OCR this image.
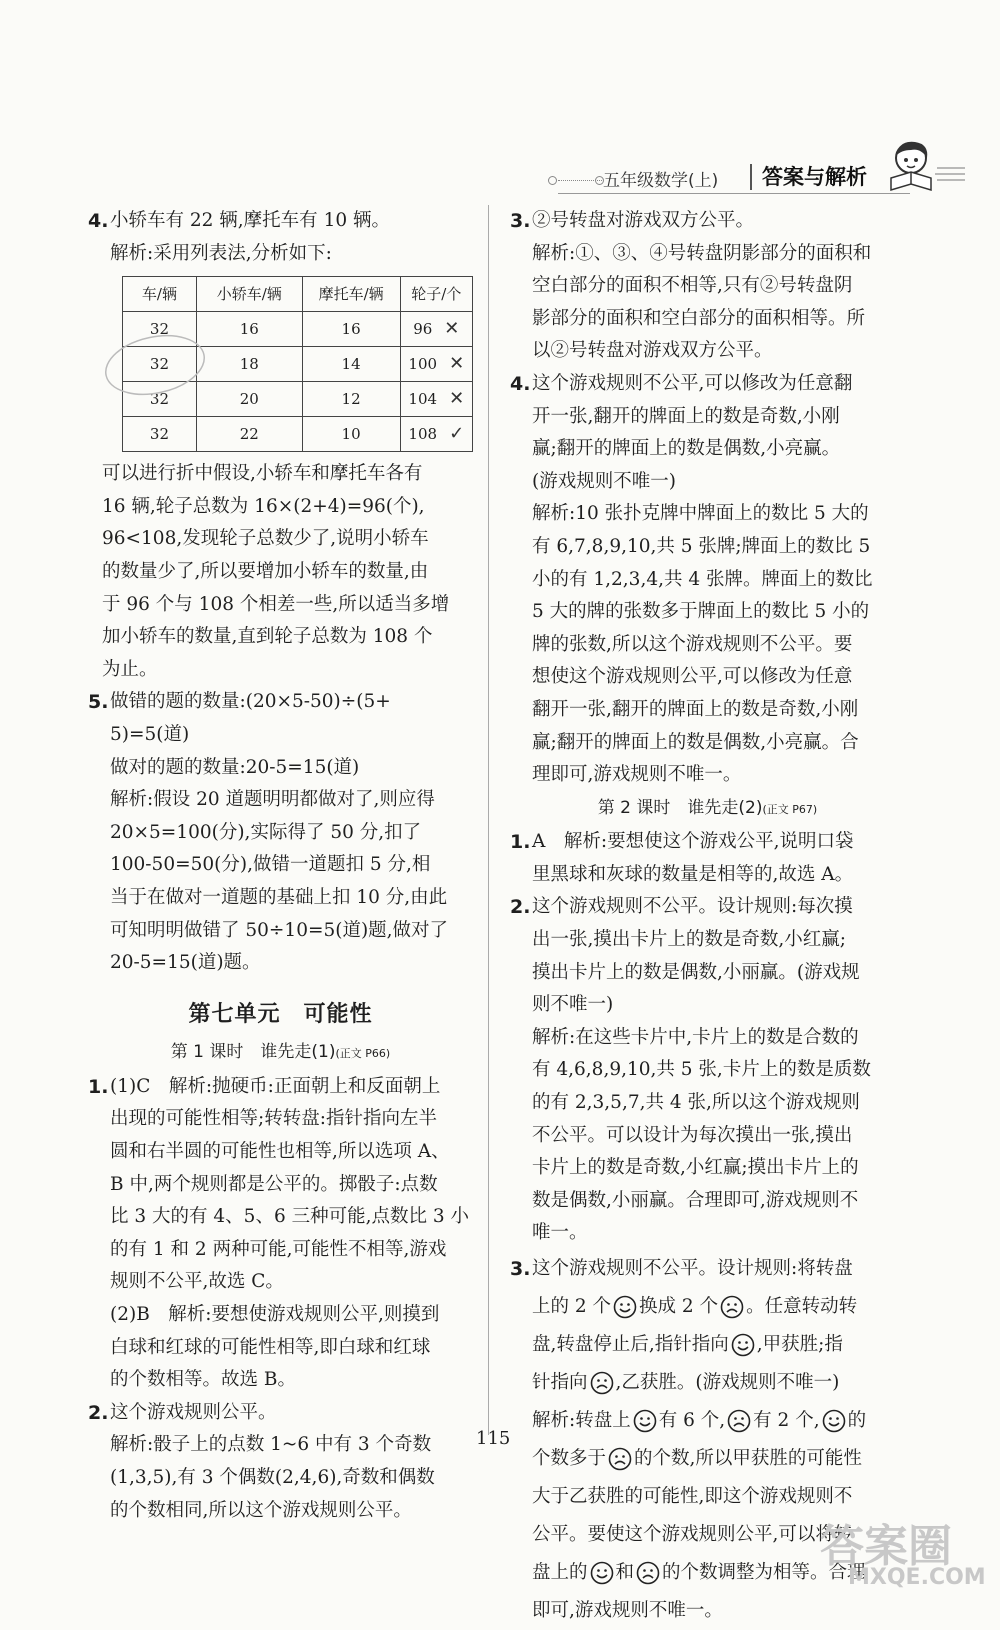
五年级数学(上) 答案与解析
4. 小轿车有 22 辆,摩托车有 10 辆。

解析:采用列表法,分析如下:

车/辆	小轿车/辆	摩托车/辆	轮子/个
32	16	16	96 ✕
32	18	14	100 ✕
32	20	12	104 ✕
32	22	10	108 ✓

可以进行折中假设,小轿车和摩托车各有

16 辆,轮子总数为 16×(2+4)=96(个),

96<108,发现轮子总数少了,说明小轿车

的数量少了,所以要增加小轿车的数量,由

于 96 个与 108 个相差一些,所以适当多增

加小轿车的数量,直到轮子总数为 108 个

为止。

5. 做错的题的数量:(20×5-50)÷(5+

5)=5(道)

做对的题的数量:20-5=15(道)

解析:假设 20 道题明明都做对了,则应得

20×5=100(分),实际得了 50 分,扣了

100-50=50(分),做错一道题扣 5 分,相

当于在做对一道题的基础上扣 10 分,由此

可知明明做错了 50÷10=5(道)题,做对了

20-5=15(道)题。

第七单元　可能性
第 1 课时　谁先走(1)(正文 P66)
1. (1)C　解析:抛硬币:正面朝上和反面朝上

出现的可能性相等;转转盘:指针指向左半

圆和右半圆的可能性也相等,所以选项 A、

B 中,两个规则都是公平的。掷骰子:点数

比 3 大的有 4、5、6 三种可能,点数比 3 小

的有 1 和 2 两种可能,可能性不相等,游戏

规则不公平,故选 C。

(2)B　解析:要想使游戏规则公平,则摸到

白球和红球的可能性相等,即白球和红球

的个数相等。故选 B。

2. 这个游戏规则公平。

解析:骰子上的点数 1~6 中有 3 个奇数

(1,3,5),有 3 个偶数(2,4,6),奇数和偶数

的个数相同,所以这个游戏规则公平。

3. ②号转盘对游戏双方公平。

解析:①、③、④号转盘阴影部分的面积和

空白部分的面积不相等,只有②号转盘阴

影部分的面积和空白部分的面积相等。所

以②号转盘对游戏双方公平。

4. 这个游戏规则不公平,可以修改为任意翻

开一张,翻开的牌面上的数是奇数,小刚

赢;翻开的牌面上的数是偶数,小亮赢。

(游戏规则不唯一)

解析:10 张扑克牌中牌面上的数比 5 大的

有 6,7,8,9,10,共 5 张牌;牌面上的数比 5

小的有 1,2,3,4,共 4 张牌。牌面上的数比

5 大的牌的张数多于牌面上的数比 5 小的

牌的张数,所以这个游戏规则不公平。要

想使这个游戏规则公平,可以修改为任意

翻开一张,翻开的牌面上的数是奇数,小刚

赢;翻开的牌面上的数是偶数,小亮赢。合

理即可,游戏规则不唯一。

第 2 课时　谁先走(2)(正文 P67)
1. A　解析:要想使这个游戏公平,说明口袋

里黑球和灰球的数量是相等的,故选 A。

2. 这个游戏规则不公平。设计规则:每次摸

出一张,摸出卡片上的数是奇数,小红赢;

摸出卡片上的数是偶数,小丽赢。(游戏规

则不唯一)

解析:在这些卡片中,卡片上的数是合数的

有 4,6,8,9,10,共 5 张,卡片上的数是质数

的有 2,3,5,7,共 4 张,所以这个游戏规则

不公平。可以设计为每次摸出一张,摸出

卡片上的数是奇数,小红赢;摸出卡片上的

数是偶数,小丽赢。合理即可,游戏规则不

唯一。

3. 这个游戏规则不公平。设计规则:将转盘

上的 2 个 换成 2 个 。任意转动转

盘,转盘停止后,指针指向 ,甲获胜;指

针指向 ,乙获胜。(游戏规则不唯一)

解析:转盘上 有 6 个, 有 2 个, 的

个数多于 的个数,所以甲获胜的可能性

大于乙获胜的可能性,即这个游戏规则不

公平。要使这个游戏规则公平,可以将转

盘上的 和 的个数调整为相等。合理

即可,游戏规则不唯一。

115
答案圈
MXQE.COM
